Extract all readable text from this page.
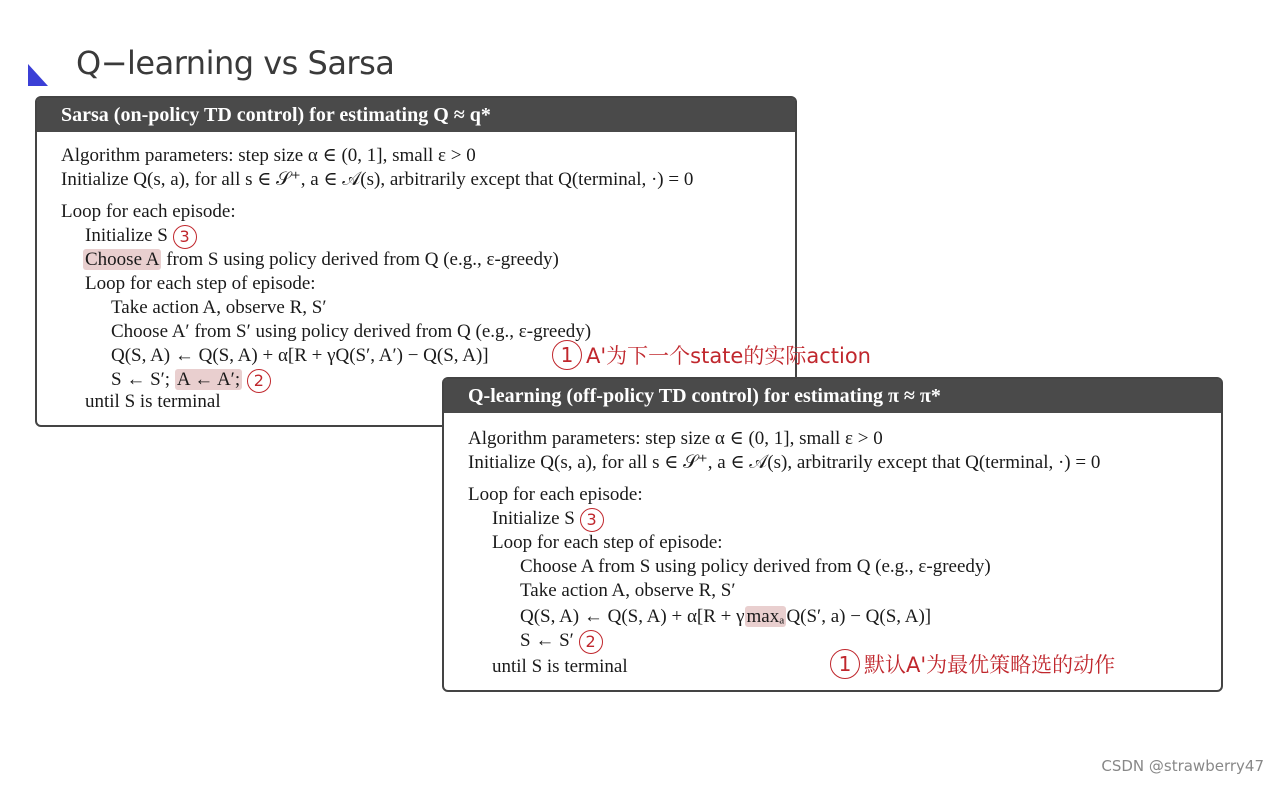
Q−learning vs Sarsa
Sarsa (on-policy TD control) for estimating Q ≈ q*
Algorithm parameters: step size α ∈ (0, 1], small ε > 0
Initialize Q(s, a), for all s ∈ 𝒮⁺, a ∈ 𝒜(s), arbitrarily except that Q(terminal, ·) = 0
Loop for each episode:
Initialize S 3
Choose A from S using policy derived from Q (e.g., ε-greedy)
Loop for each step of episode:
Take action A, observe R, S′
Choose A′ from S′ using policy derived from Q (e.g., ε-greedy)
Q(S, A) ← Q(S, A) + α[R + γQ(S′, A′) − Q(S, A)]
S ← S′; A ← A′; 2
until S is terminal
1 A'为下一个state的实际action
Q-learning (off-policy TD control) for estimating π ≈ π*
Algorithm parameters: step size α ∈ (0, 1], small ε > 0
Initialize Q(s, a), for all s ∈ 𝒮⁺, a ∈ 𝒜(s), arbitrarily except that Q(terminal, ·) = 0
Loop for each episode:
Initialize S 3
Loop for each step of episode:
Choose A from S using policy derived from Q (e.g., ε-greedy)
Take action A, observe R, S′
Q(S, A) ← Q(S, A) + α[R + γ maxₐ Q(S′, a) − Q(S, A)]
S ← S′ 2
until S is terminal	1 默认A'为最优策略选的动作
CSDN @strawberry47
